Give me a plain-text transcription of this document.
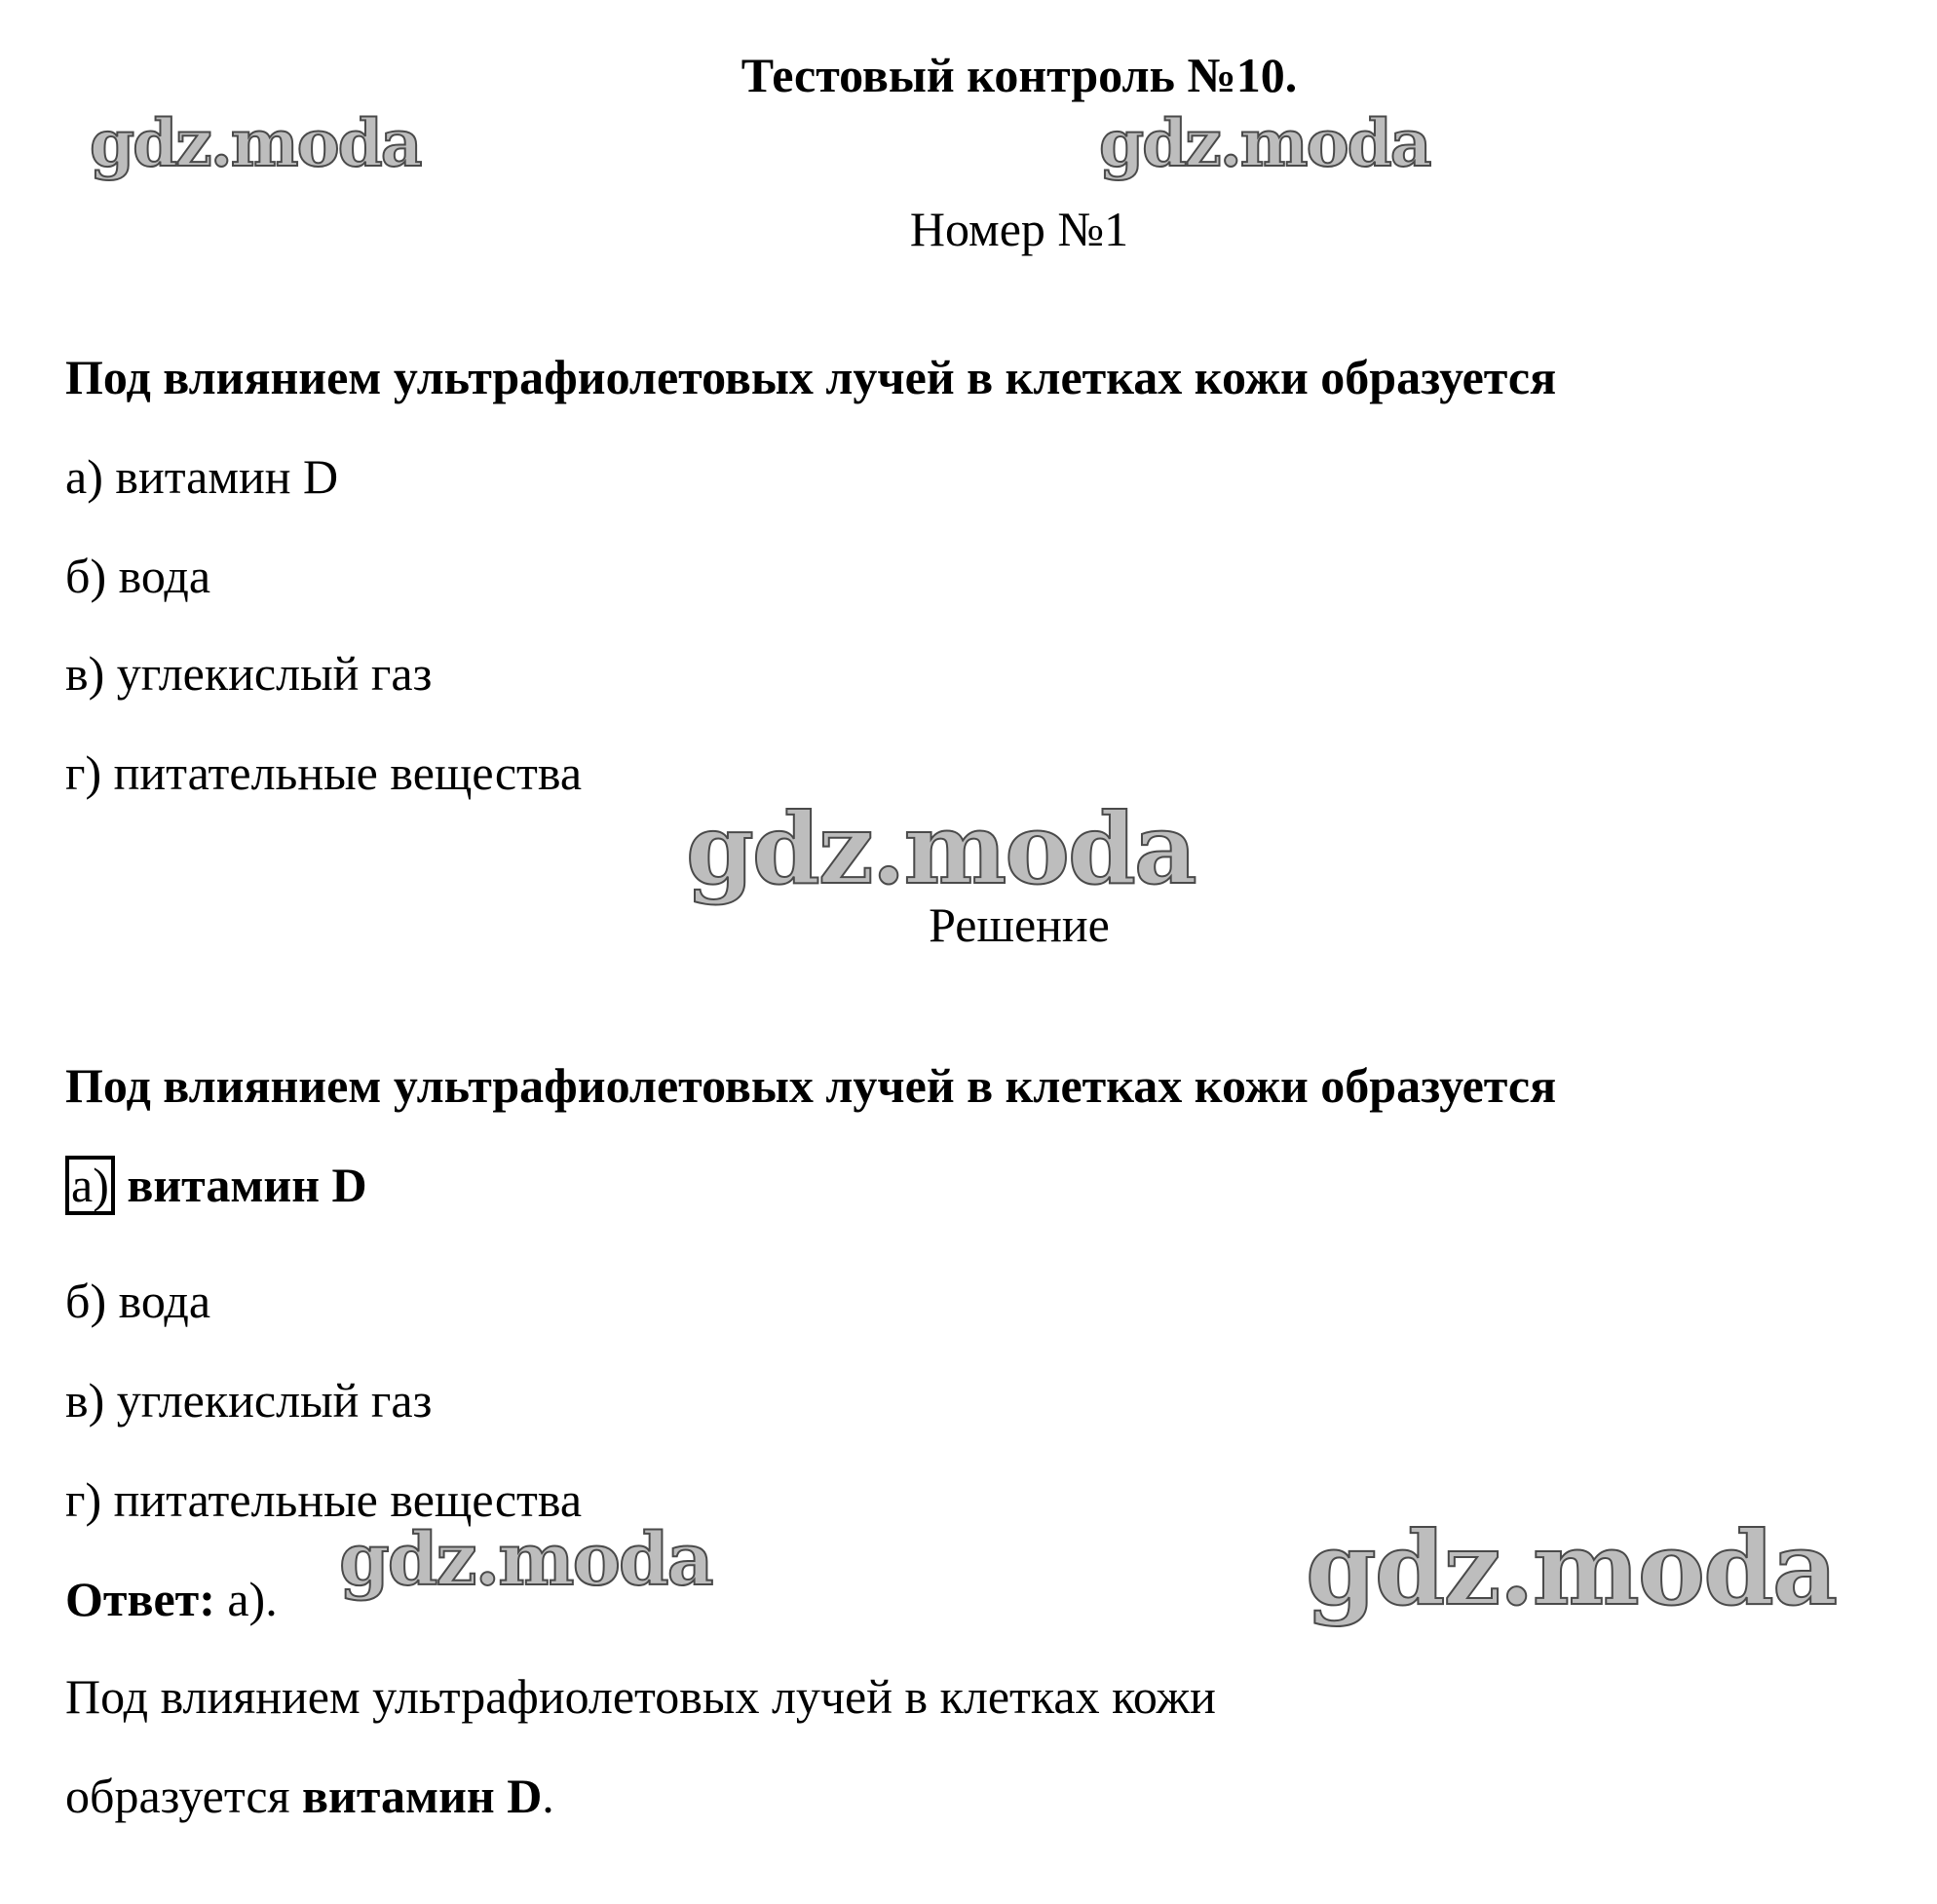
Тестовый контроль №10.
gdz.moda	gdz.moda
Номер №1
Под влиянием ультрафиолетовых лучей в клетках кожи образуется
а) витамин D
б) вода
в) углекислый газ
г) питательные вещества
gdz.moda
Решение
Под влиянием ультрафиолетовых лучей в клетках кожи образуется
а) витамин D
б) вода
в) углекислый газ
г) питательные вещества
gdz.moda	gdz.moda
Ответ: а).
Под влиянием ультрафиолетовых лучей в клетках кожи
образуется витамин D.
